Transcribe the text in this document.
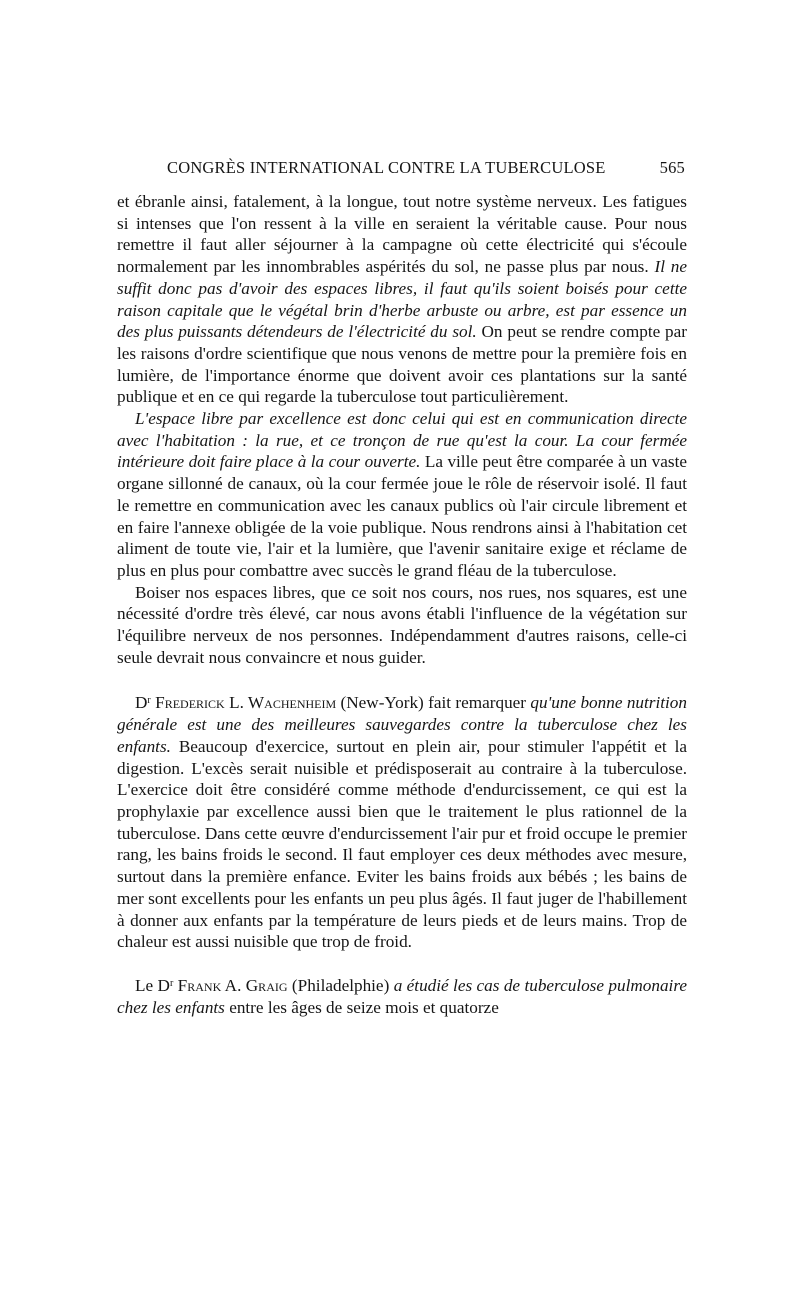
CONGRÈS INTERNATIONAL CONTRE LA TUBERCULOSE	565

et ébranle ainsi, fatalement, à la longue, tout notre système nerveux. Les fatigues si intenses que l'on ressent à la ville en seraient la véritable cause. Pour nous remettre il faut aller séjourner à la campagne où cette électricité qui s'écoule normalement par les innombrables aspérités du sol, ne passe plus par nous. Il ne suffit donc pas d'avoir des espaces libres, il faut qu'ils soient boisés pour cette raison capitale que le végétal brin d'herbe arbuste ou arbre, est par essence un des plus puissants détendeurs de l'électricité du sol. On peut se rendre compte par les raisons d'ordre scientifique que nous venons de mettre pour la première fois en lumière, de l'importance énorme que doivent avoir ces plantations sur la santé publique et en ce qui regarde la tuberculose tout particulièrement.

L'espace libre par excellence est donc celui qui est en communication directe avec l'habitation : la rue, et ce tronçon de rue qu'est la cour. La cour fermée intérieure doit faire place à la cour ouverte. La ville peut être comparée à un vaste organe sillonné de canaux, où la cour fermée joue le rôle de réservoir isolé. Il faut le remettre en communication avec les canaux publics où l'air circule librement et en faire l'annexe obligée de la voie publique. Nous rendrons ainsi à l'habitation cet aliment de toute vie, l'air et la lumière, que l'avenir sanitaire exige et réclame de plus en plus pour combattre avec succès le grand fléau de la tuberculose.

Boiser nos espaces libres, que ce soit nos cours, nos rues, nos squares, est une nécessité d'ordre très élevé, car nous avons établi l'influence de la végétation sur l'équilibre nerveux de nos personnes. Indépendamment d'autres raisons, celle-ci seule devrait nous convaincre et nous guider.

$D^r$ Frederick L. Wachenheim (New-York) fait remarquer qu'une bonne nutrition générale est une des meilleures sauvegardes contre la tuberculose chez les enfants. Beaucoup d'exercice, surtout en plein air, pour stimuler l'appétit et la digestion. L'excès serait nuisible et prédisposerait au contraire à la tuberculose. L'exercice doit être considéré comme méthode d'endurcissement, ce qui est la prophylaxie par excellence aussi bien que le traitement le plus rationnel de la tuberculose. Dans cette œuvre d'endurcissement l'air pur et froid occupe le premier rang, les bains froids le second. Il faut employer ces deux méthodes avec mesure, surtout dans la première enfance. Eviter les bains froids aux bébés ; les bains de mer sont excellents pour les enfants un peu plus âgés. Il faut juger de l'habillement à donner aux enfants par la température de leurs pieds et de leurs mains. Trop de chaleur est aussi nuisible que trop de froid.

Le $D^r$ Frank A. Graig (Philadelphie) a étudié les cas de tuberculose pulmonaire chez les enfants entre les âges de seize mois et quatorze
